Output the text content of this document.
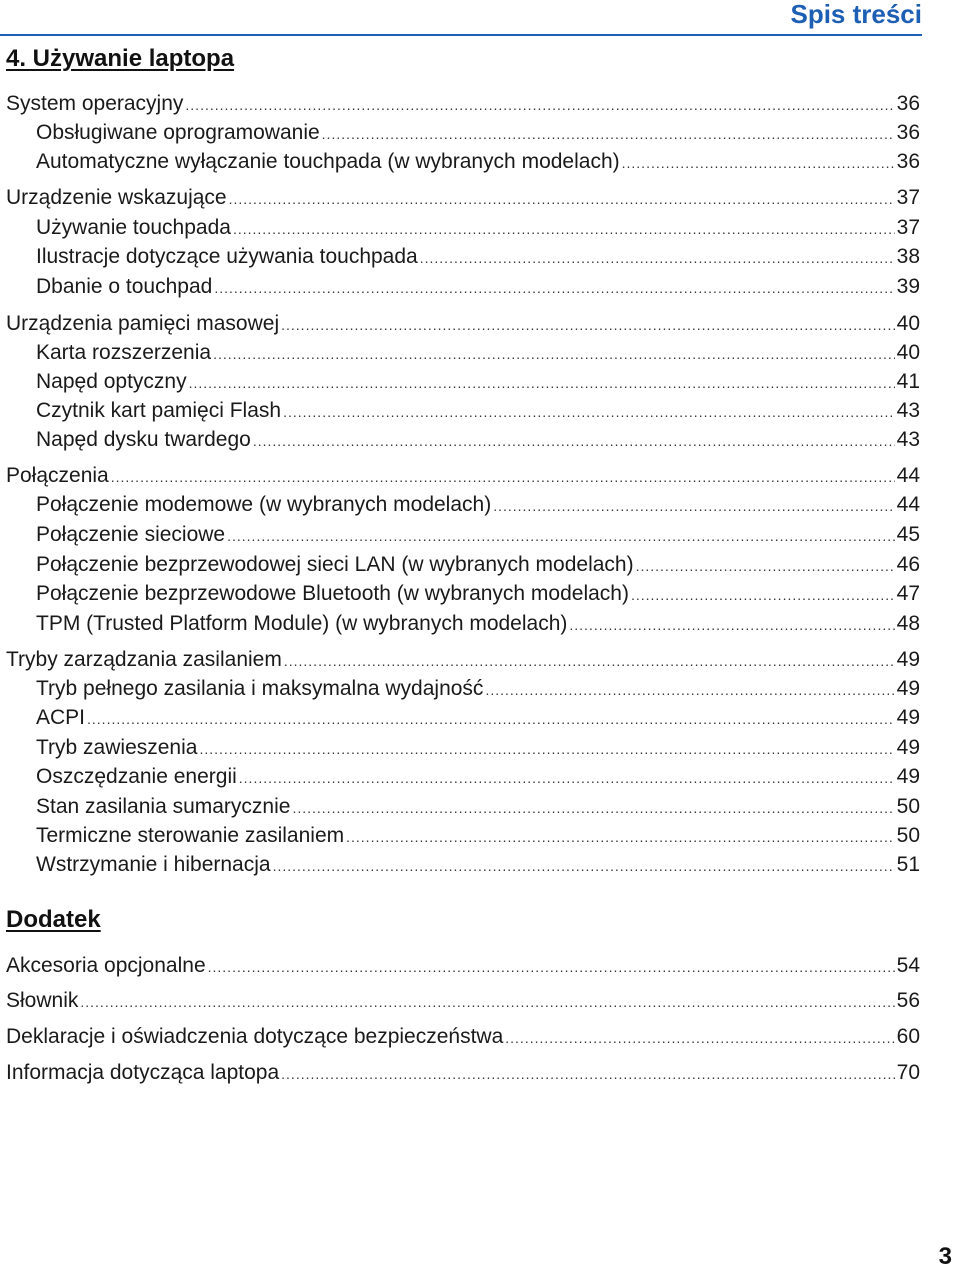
Spis treści
4. Używanie laptopa
System operacyjny .....	36
Obsługiwane oprogramowanie .....	36
Automatyczne wyłączanie touchpada (w wybranych modelach) .....	36
Urządzenie wskazujące .....	37
Używanie touchpada .....	37
Ilustracje dotyczące używania touchpada .....	38
Dbanie o touchpad .....	39
Urządzenia pamięci masowej .....	40
Karta rozszerzenia .....	40
Napęd optyczny .....	41
Czytnik kart pamięci Flash .....	43
Napęd dysku twardego .....	43
Połączenia .....	44
Połączenie modemowe (w wybranych modelach) .....	44
Połączenie sieciowe .....	45
Połączenie bezprzewodowej sieci LAN (w wybranych modelach) .....	46
Połączenie bezprzewodowe Bluetooth (w wybranych modelach) .....	47
TPM (Trusted Platform Module) (w wybranych modelach) .....	48
Tryby zarządzania zasilaniem .....	49
Tryb pełnego zasilania i maksymalna wydajność .....	49
ACPI .....	49
Tryb zawieszenia .....	49
Oszczędzanie energii .....	49
Stan zasilania sumarycznie .....	50
Termiczne sterowanie zasilaniem .....	50
Wstrzymanie i hibernacja .....	51
Dodatek
Akcesoria opcjonalne .....	54
Słownik .....	56
Deklaracje i oświadczenia dotyczące bezpieczeństwa .....	60
Informacja dotycząca laptopa .....	70
3
